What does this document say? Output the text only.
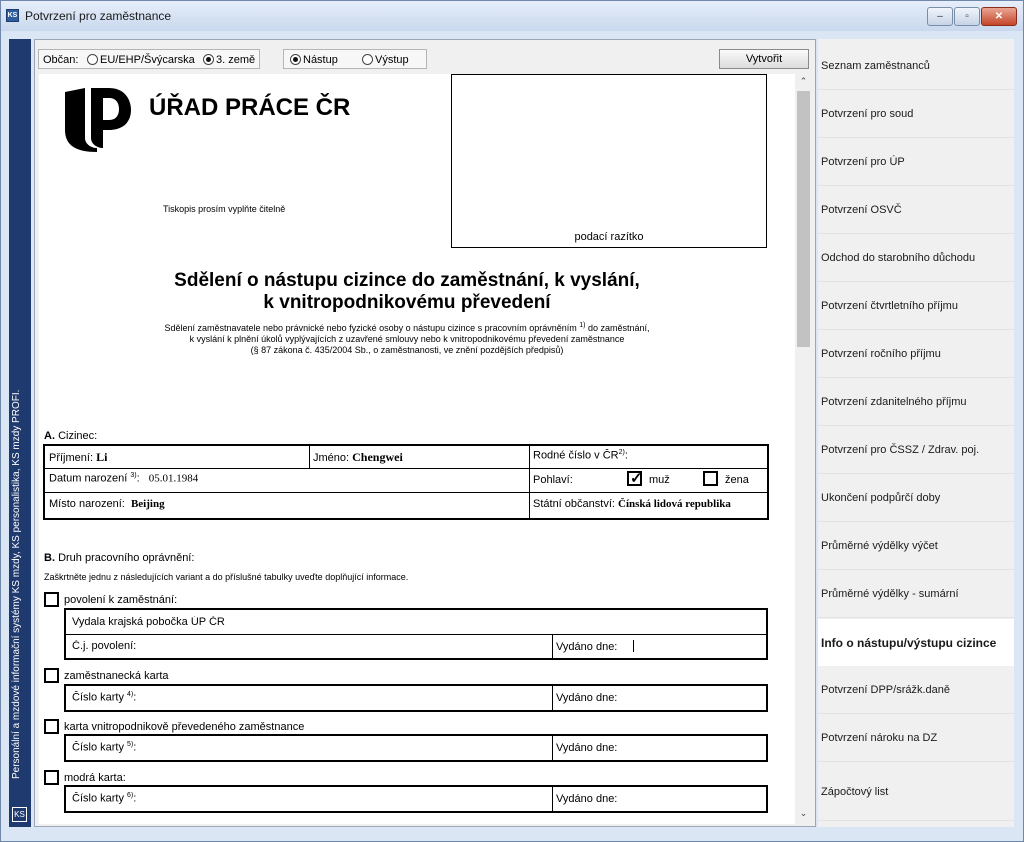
KS Potvrzení pro zaměstnance	‒	▫	✕
Personální a mzdové informační systémy KS mzdy, KS personalistika, KS mzdy PROFI.
KS
Občan:	EU/EHP/Švýcarska	3. země	Nástup	Výstup	Vytvořit
ÚŘAD PRÁCE ČR
Tiskopis prosím vyplňte čitelně
podací razítko
Sdělení o nástupu cizince do zaměstnání, k vyslání,
k vnitropodnikovému převedení
Sdělení zaměstnavatele nebo právnické nebo fyzické osoby o nástupu cizince s pracovním oprávněním $^{1)}$ do zaměstnání,
k vyslání k plnění úkolů vyplývajících z uzavřené smlouvy nebo k vnitropodnikovému převedení zaměstnance
(§ 87 zákona č. 435/2004 Sb., o zaměstnanosti, ve znění pozdějších předpisů)
A. Cizinec:
Příjmení: Li	Jméno: Chengwei	Rodné číslo v ČR$^{2)}$:
Datum narození $^{3)}$: 05.01.1984	Pohlaví:
✓	muž	žena
Místo narození: Beijing	Státní občanství: Čínská lidová republika
B. Druh pracovního oprávnění:
Zaškrtněte jednu z následujících variant a do příslušné tabulky uveďte doplňující informace.
povolení k zaměstnání:
Vydala krajská pobočka ÚP ČR
Č.j. povolení:	Vydáno dne:
zaměstnanecká karta
Číslo karty $^{4)}$:	Vydáno dne:
karta vnitropodnikově převedeného zaměstnance
Číslo karty $^{5)}$:	Vydáno dne:
modrá karta:
Číslo karty $^{6)}$:	Vydáno dne:
⌃
⌄
Seznam zaměstnanců
Potvrzení pro soud
Potvrzení pro ÚP
Potvrzení OSVČ
Odchod do starobního důchodu
Potvrzení čtvrtletního příjmu
Potvrzení ročního příjmu
Potvrzení zdanitelného příjmu
Potvrzení pro ČSSZ / Zdrav. poj.
Ukončení podpůrčí doby
Průměrné výdělky výčet
Průměrné výdělky - sumární
Info o nástupu/výstupu cizince
Potvrzení DPP/srážk.daně
Potvrzení nároku na DZ
Zápočtový list
